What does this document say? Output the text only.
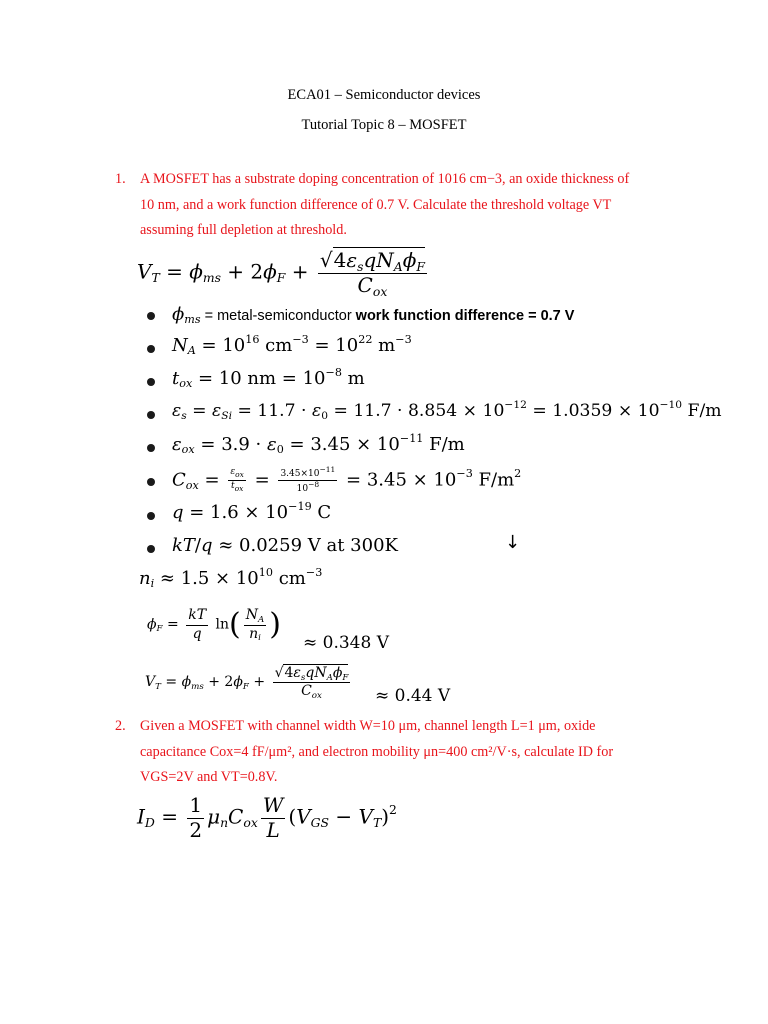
ECA01 – Semiconductor devices
Tutorial Topic 8 – MOSFET
1. A MOSFET has a substrate doping concentration of 1016 cm−3, an oxide thickness of
10 nm, and a work function difference of 0.7 V. Calculate the threshold voltage VT
assuming full depletion at threshold.
VT = $\phi ms + 2\phi F + \frac{\text{√4εsqNAϕF}}{\text{Cox}}$
ϕms = metal-semiconductor work function difference = 0.7 V
NA = $10^{16}$ $cm^{-3} = 10^{22}$ $m^{-3}$
tox = 10 nm = $10^{-8}$ m
$\varepsilon s = \varepsilon Si = 11.7 \cdot \varepsilon 0 = 11.7 \cdot 8.854 \times 10^{-12} = 1.0359 \times 10^{-10}$ F/m
$\varepsilon ox = 3.9 \cdot \varepsilon 0 = 3.45 \times 10^{-11}$ F/m
Cox = $\frac{\varepsilon_{ox}}{t_{ox}} = \frac{3.45\times 10^{-11}}{10^{-8}} = 3.45 \times 10^{-3}$ $F/m^2$
$q = 1.6 \times 10^{-19}$ C
kT/q ≈ 0.0259 V at 300K	↓
ni ≈ $1.5 \times 10^{10}$ $cm^{-3}$
$\phi F = \frac{kT}{q} \ln( \frac{NA}{ni}$ )
≈ 0.348 V
VT = $\phi ms + 2\phi F + \frac{\text{√4εsqNAϕF}}{\text{Cox}} \approx 0.44$ V
2. Given a MOSFET with channel width W=10 μm, channel length L=1 μm, oxide
capacitance Cox=4 fF/μm², and electron mobility μn=400 cm²/V·s, calculate ID for
VGS=2V and VT=0.8V.
ID = $\frac{1}{2}$ μnCox $\frac{W}{L} (VGS - VT)^2$
